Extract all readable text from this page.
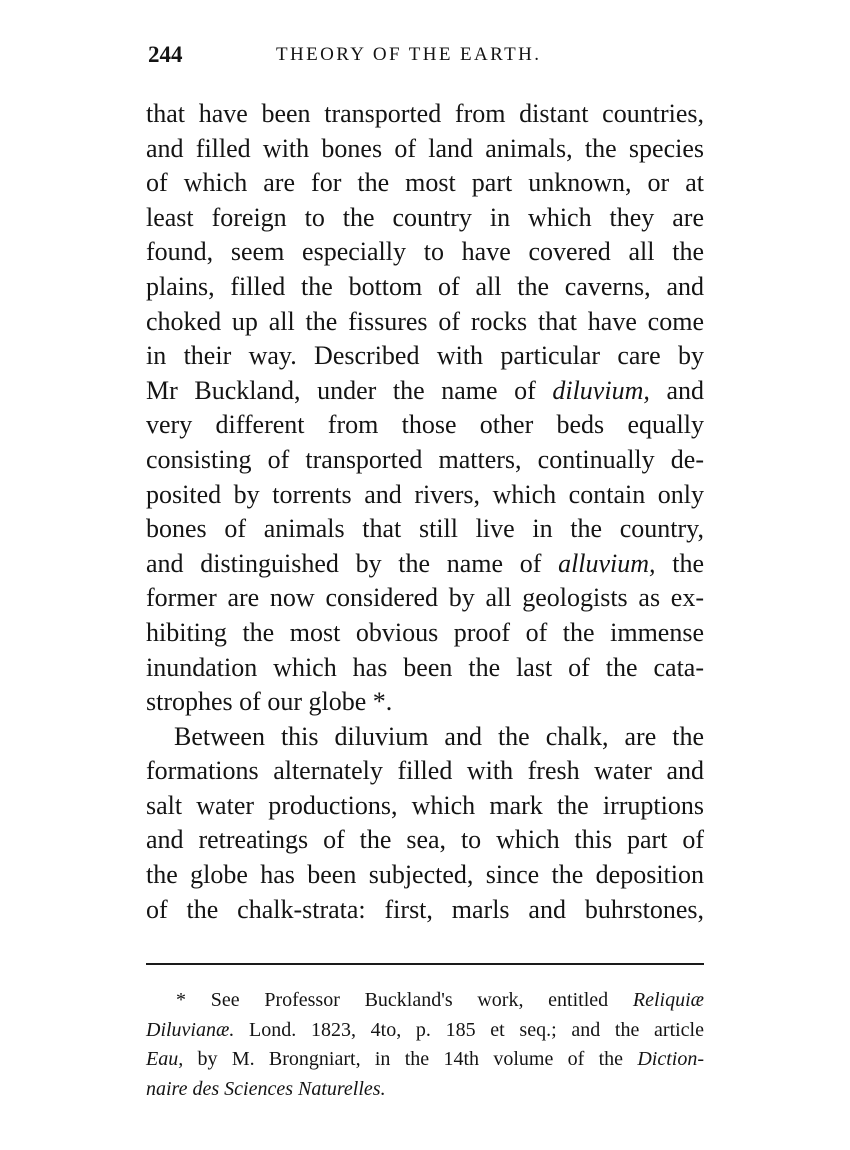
244	THEORY OF THE EARTH.
that have been transported from distant countries,
and filled with bones of land animals, the species
of which are for the most part unknown, or at
least foreign to the country in which they are
found, seem especially to have covered all the
plains, filled the bottom of all the caverns, and
choked up all the fissures of rocks that have come
in their way. Described with particular care by
Mr Buckland, under the name of diluvium, and
very different from those other beds equally
consisting of transported matters, continually de-
posited by torrents and rivers, which contain only
bones of animals that still live in the country,
and distinguished by the name of alluvium, the
former are now considered by all geologists as ex-
hibiting the most obvious proof of the immense
inundation which has been the last of the cata-
strophes of our globe *.
Between this diluvium and the chalk, are the
formations alternately filled with fresh water and
salt water productions, which mark the irruptions
and retreatings of the sea, to which this part of
the globe has been subjected, since the deposition
of the chalk-strata: first, marls and buhrstones,
* See Professor Buckland's work, entitled Reliquiæ
Diluvianæ. Lond. 1823, 4to, p. 185 et seq.; and the article
Eau, by M. Brongniart, in the 14th volume of the Diction-
naire des Sciences Naturelles.
